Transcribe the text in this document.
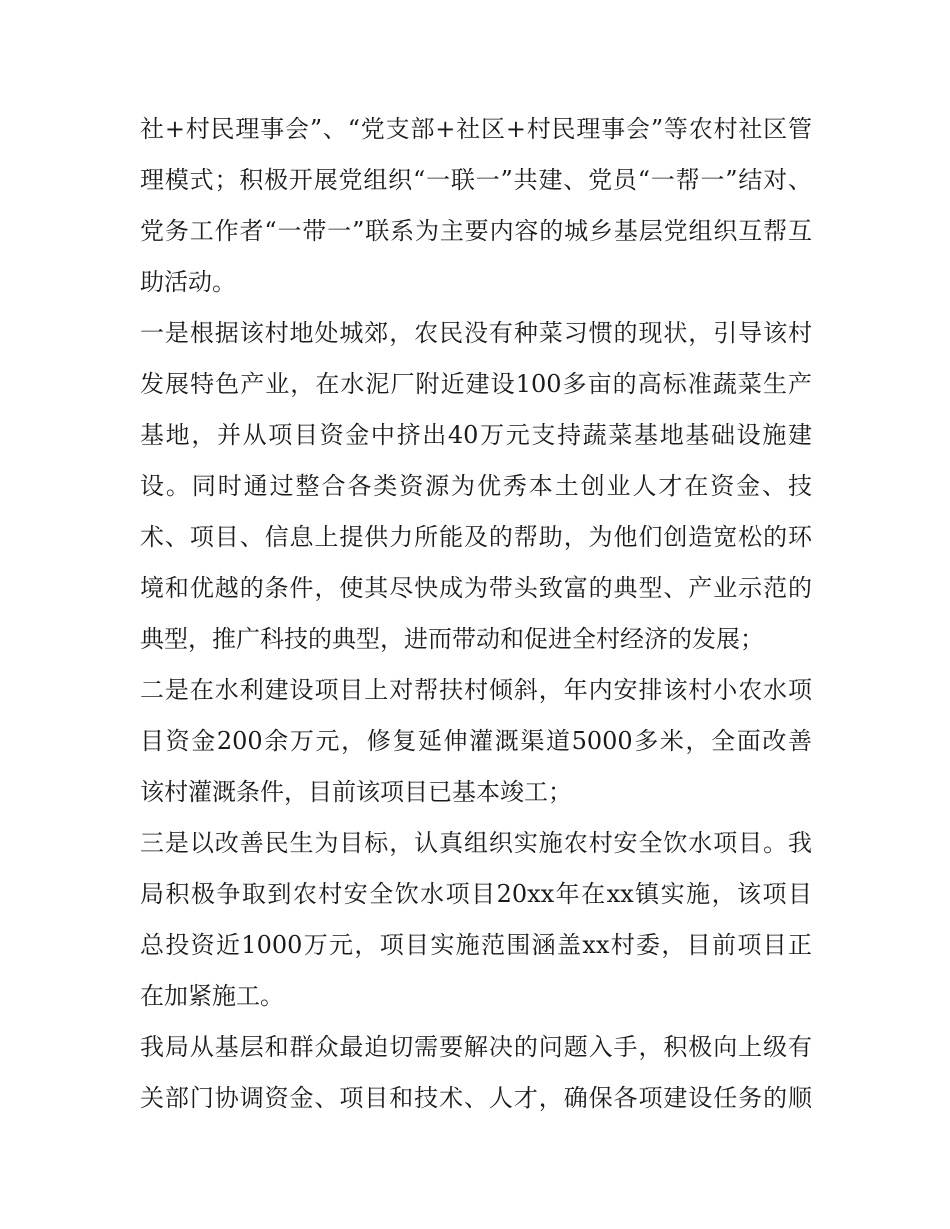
社+村民理事会”、“党支部+社区+村民理事会”等农村社区管
理模式；积极开展党组织“一联一”共建、党员“一帮一”结对、
党务工作者“一带一”联系为主要内容的城乡基层党组织互帮互
助活动。
一是根据该村地处城郊，农民没有种菜习惯的现状，引导该村
发展特色产业，在水泥厂附近建设100多亩的高标准蔬菜生产
基地，并从项目资金中挤出40万元支持蔬菜基地基础设施建
设。同时通过整合各类资源为优秀本土创业人才在资金、技
术、项目、信息上提供力所能及的帮助，为他们创造宽松的环
境和优越的条件，使其尽快成为带头致富的典型、产业示范的
典型，推广科技的典型，进而带动和促进全村经济的发展；
二是在水利建设项目上对帮扶村倾斜，年内安排该村小农水项
目资金200余万元，修复延伸灌溉渠道5000多米，全面改善
该村灌溉条件，目前该项目已基本竣工；
三是以改善民生为目标，认真组织实施农村安全饮水项目。我
局积极争取到农村安全饮水项目20xx年在xx镇实施，该项目
总投资近1000万元，项目实施范围涵盖xx村委，目前项目正
在加紧施工。
我局从基层和群众最迫切需要解决的问题入手，积极向上级有
关部门协调资金、项目和技术、人才，确保各项建设任务的顺
